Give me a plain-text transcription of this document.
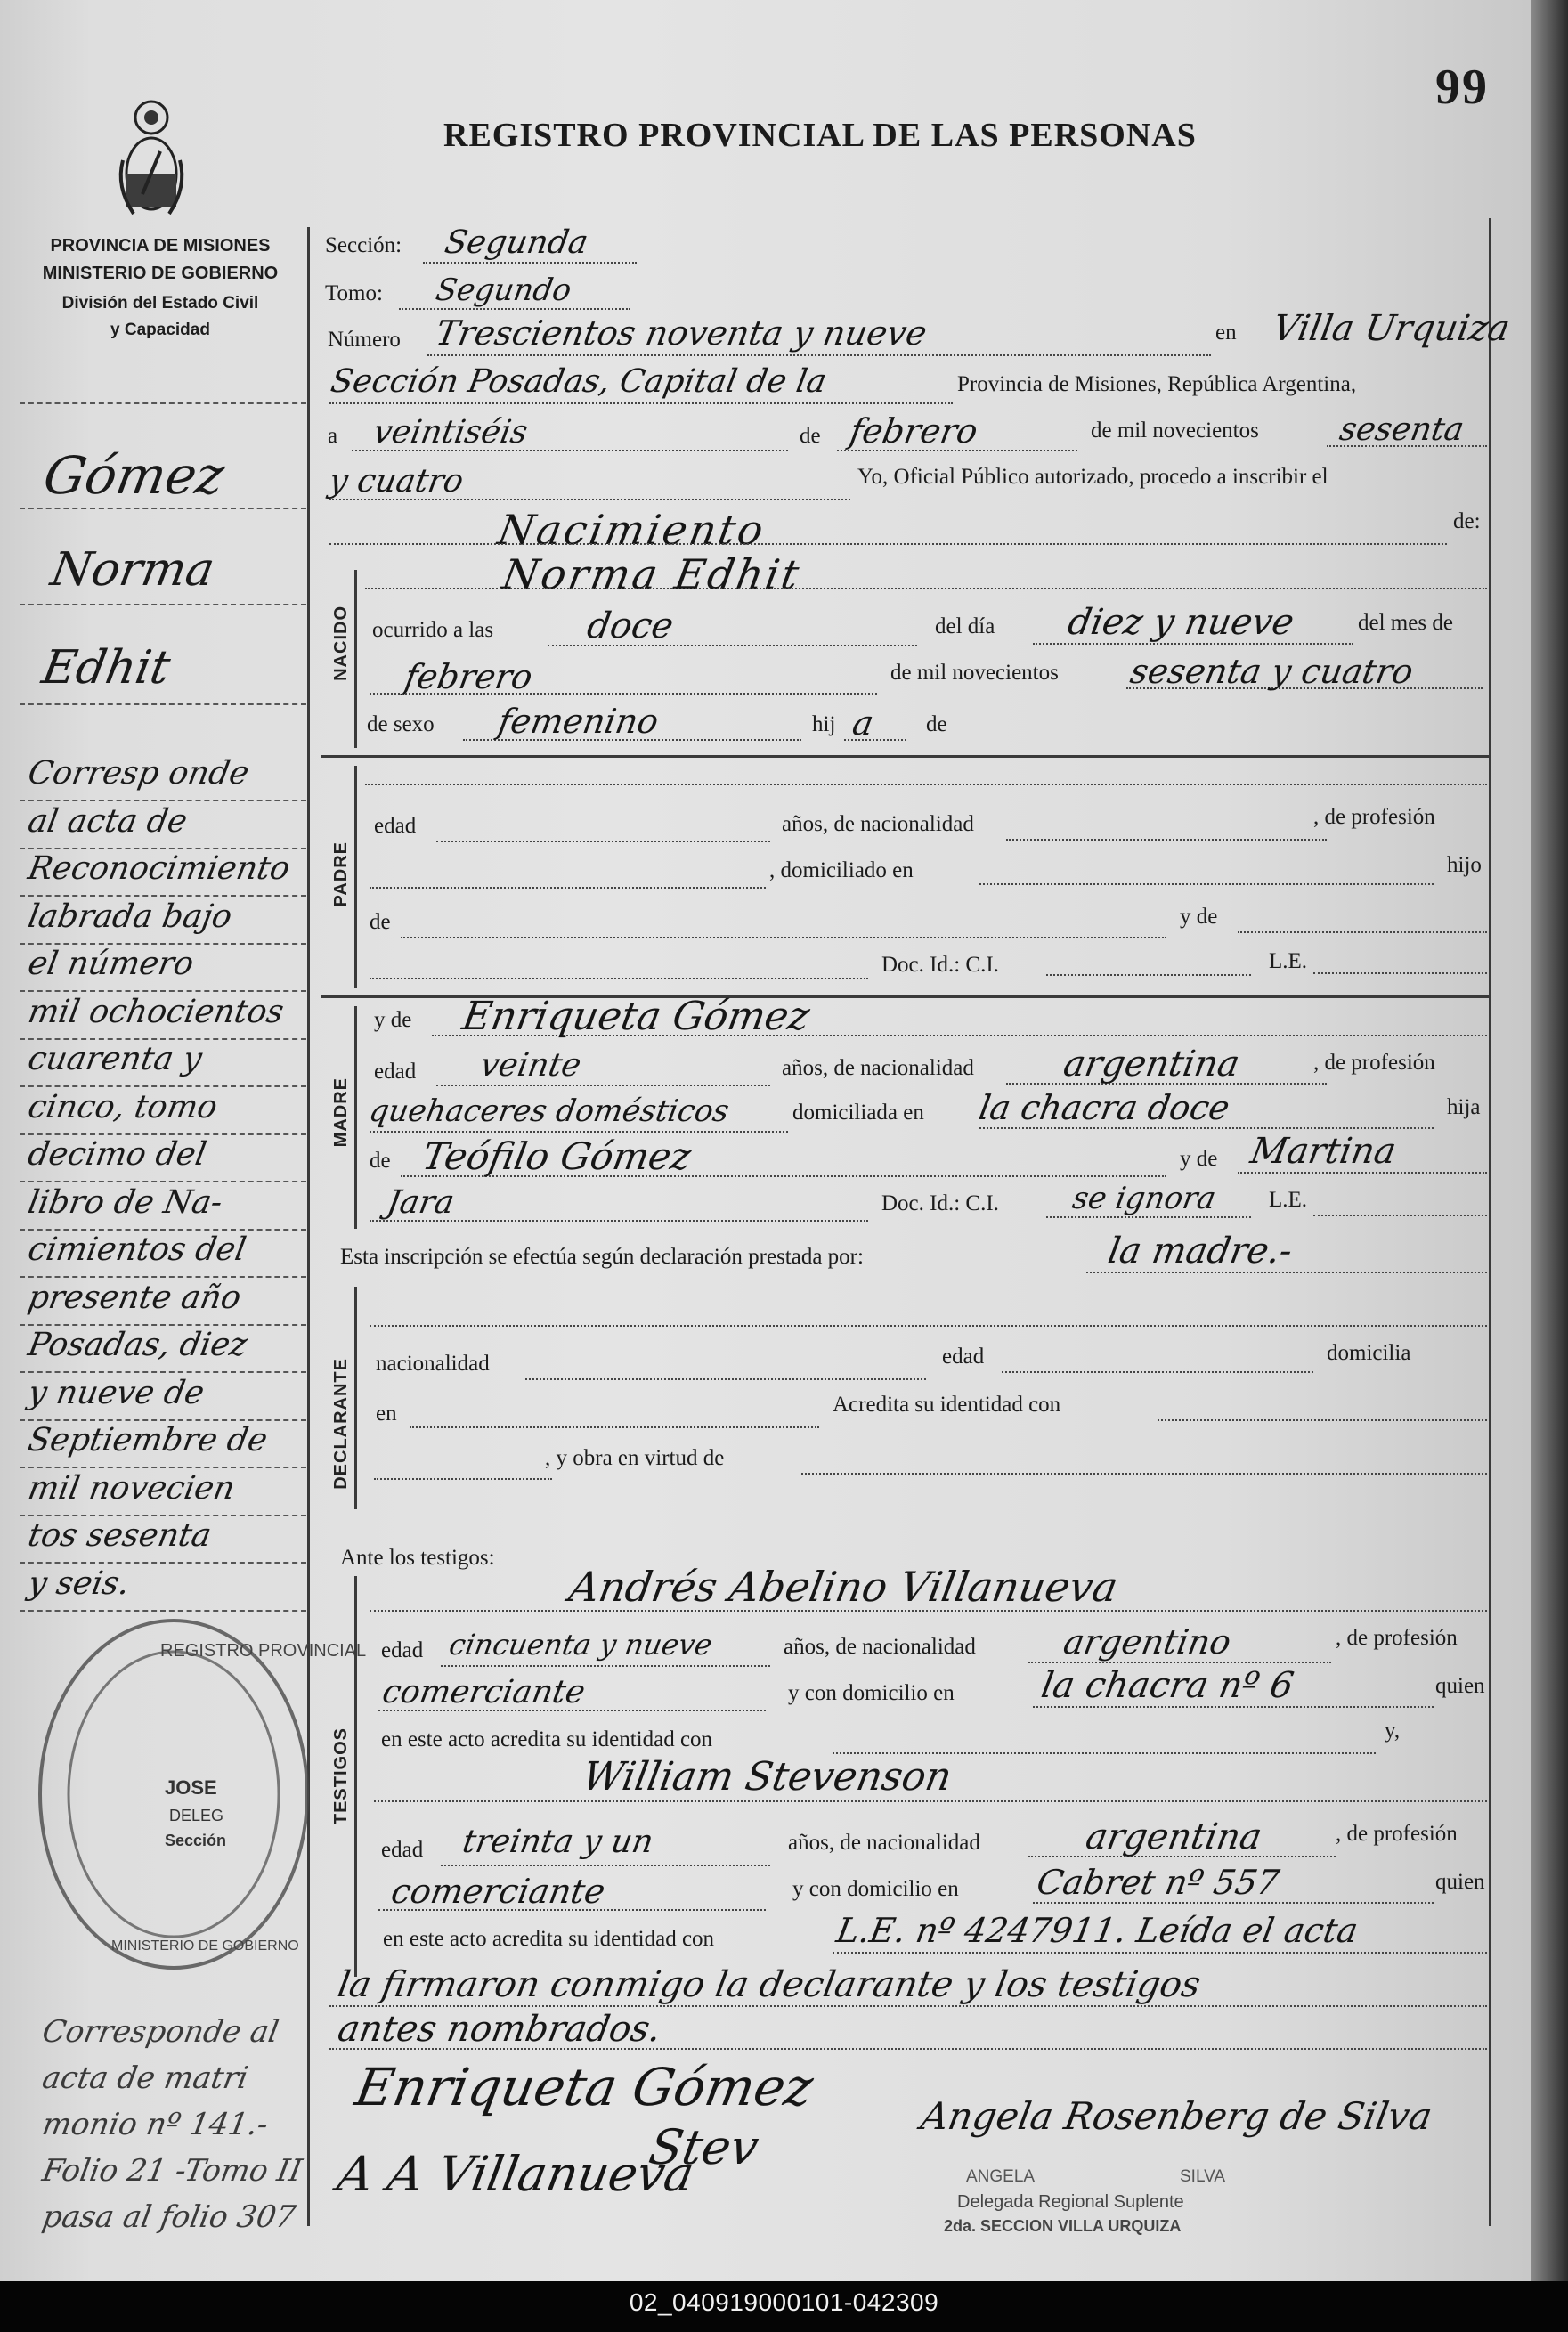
99
REGISTRO PROVINCIAL DE LAS PERSONAS
PROVINCIA DE MISIONES
MINISTERIO DE GOBIERNO
División del Estado Civil
y Capacidad
Gómez
Norma
Edhit
Corresp onde
al acta de
Reconocimiento
labrada bajo
el número
mil ochocientos
cuarenta y
cinco, tomo
decimo del
libro de Na-
cimientos del
presente año
Posadas, diez
y nueve de
Septiembre de
mil novecien
tos sesenta
y seis.
Corresponde al
acta de matri
monio nº 141.-
Folio 21 -Tomo II
pasa al folio 307
REGISTRO PROVINCIAL
JOSE
DELEG
Sección
MINISTERIO DE GOBIERNO
Sección: Segunda
Tomo: Segundo
Número Trescientos noventa y nueve	en Villa Urquiza
Sección Posadas, Capital de la	Provincia de Misiones, República Argentina,
a veintiséis	de febrero	de mil novecientos sesenta
y cuatro	Yo, Oficial Público autorizado, procedo a inscribir el
Nacimiento	de:
NACIDO
Norma Edhit
ocurrido a las	doce	del día diez y nueve	del mes de
febrero	de mil novecientos sesenta y cuatro
de sexo femenino	hij a de
PADRE
edad	años, de nacionalidad	, de profesión
, domiciliado en	hijo
de	y de
Doc. Id.: C.I.	L.E.
MADRE
y de Enriqueta Gómez
edad veinte	años, de nacionalidad argentina	, de profesión
quehaceres domésticos	domiciliada en la chacra doce	hija
de Teófilo Gómez	y de Martina
Jara	Doc. Id.: C.I. se ignora L.E.
Esta inscripción se efectúa según declaración prestada por:	la madre.-
DECLARANTE nacionalidad	edad	domicilia
en	Acredita su identidad con
, y obra en virtud de
Ante los testigos:
TESTIGOS
Andrés Abelino Villanueva
edad cincuenta y nueve	años, de nacionalidad	argentino	, de profesión
comerciante	y con domicilio en la chacra nº 6	quien
en este acto acredita su identidad con	y,
William Stevenson
edad treinta y un	años, de nacionalidad	argentina	, de profesión
comerciante	y con domicilio en Cabret nº 557	quien
en este acto acredita su identidad con	L.E. nº 4247911. Leída el acta
la firmaron conmigo la declarante y los testigos
antes nombrados.
Enriqueta Gómez
Stev
A A Villanueva
Angela Rosenberg de Silva
ANGELA	SILVA
Delegada Regional Suplente
2da. SECCION VILLA URQUIZA
02_040919000101-042309
